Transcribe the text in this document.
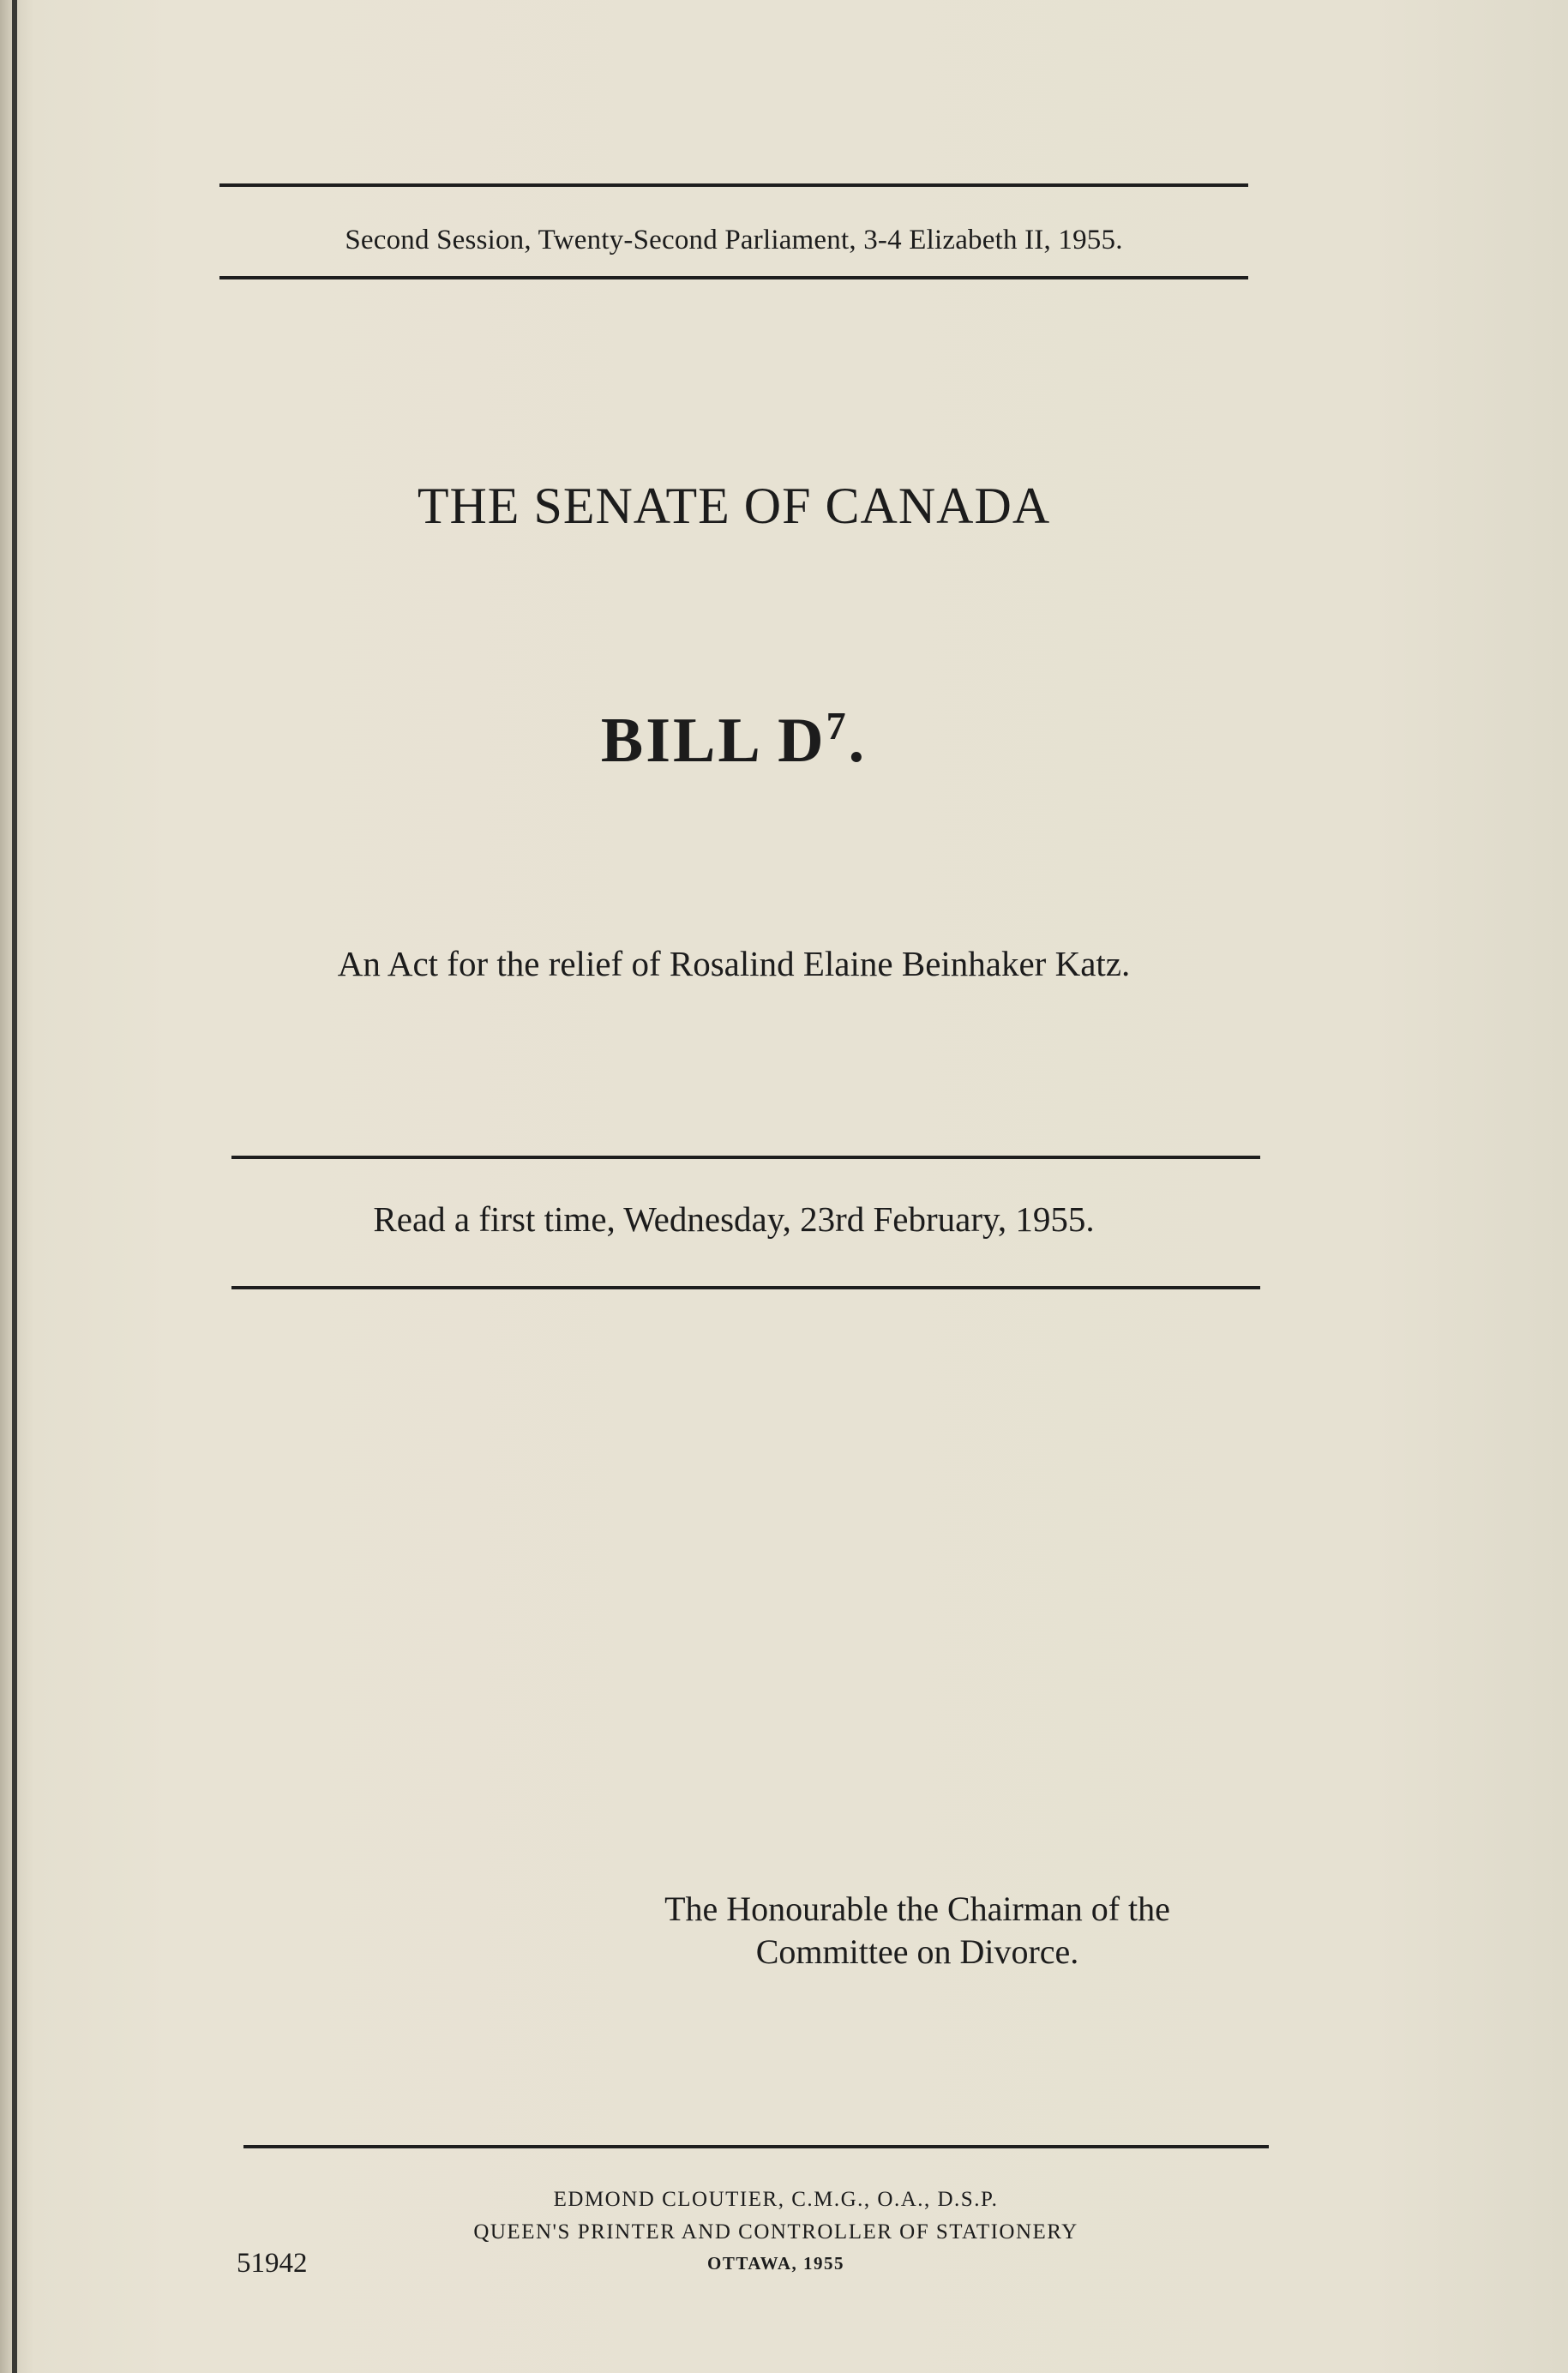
Second Session, Twenty-Second Parliament, 3-4 Elizabeth II, 1955.
THE SENATE OF CANADA
BILL $D^7$.
An Act for the relief of Rosalind Elaine Beinhaker Katz.
Read a first time, Wednesday, 23rd February, 1955.
The Honourable the Chairman of the

Committee on Divorce.
EDMOND CLOUTIER, C.M.G., O.A., D.S.P.
QUEEN'S PRINTER AND CONTROLLER OF STATIONERY
OTTAWA, 1955
51942
